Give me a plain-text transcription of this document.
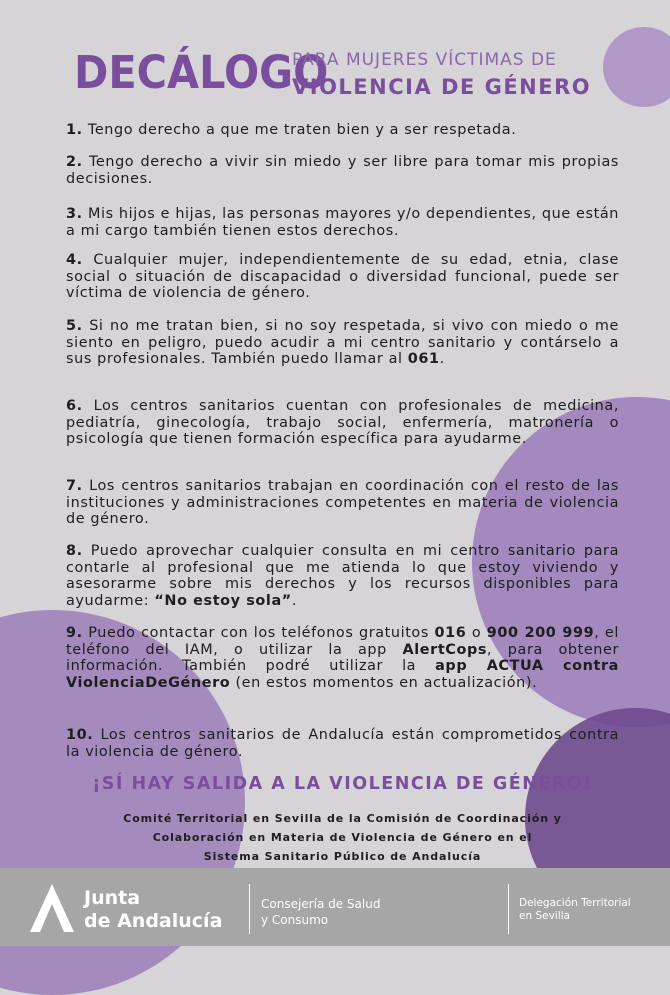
DECÁLOGO
PARA MUJERES VÍCTIMAS DE
VIOLENCIA DE GÉNERO

1. Tengo derecho a que me traten bien y a ser respetada.

2. Tengo derecho a vivir sin miedo y ser libre para tomar mis propias decisiones.

3. Mis hijos e hijas, las personas mayores y/o dependientes, que están a mi cargo también tienen estos derechos.

4. Cualquier mujer, independientemente de su edad, etnia, clase social o situación de discapacidad o diversidad funcional, puede ser víctima de violencia de género.

5. Si no me tratan bien, si no soy respetada, si vivo con miedo o me siento en peligro, puedo acudir a mi centro sanitario y contárselo a sus profesionales. También puedo llamar al 061.

6. Los centros sanitarios cuentan con profesionales de medicina, pediatría, ginecología, trabajo social, enfermería, matronería o psicología que tienen formación específica para ayudarme.

7. Los centros sanitarios trabajan en coordinación con el resto de las instituciones y administraciones competentes en materia de violencia de género.

8. Puedo aprovechar cualquier consulta en mi centro sanitario para contarle al profesional que me atienda lo que estoy viviendo y asesorarme sobre mis derechos y los recursos disponibles para ayudarme: “No estoy sola”.

9. Puedo contactar con los teléfonos gratuitos 016 o 900 200 999, el teléfono del IAM, o utilizar la app AlertCops, para obtener información. También podré utilizar la app ACTUA contra ViolenciaDeGénero (en estos momentos en actualización).

10. Los centros sanitarios de Andalucía están comprometidos contra la violencia de género.

¡SÍ HAY SALIDA A LA VIOLENCIA DE GÉNERO!
Comité Territorial en Sevilla de la Comisión de Coordinación y
Colaboración en Materia de Violencia de Género en el
Sistema Sanitario Público de Andalucía
Junta
de Andalucía
Consejería de Salud
y Consumo
Delegación Territorial
en Sevilla
